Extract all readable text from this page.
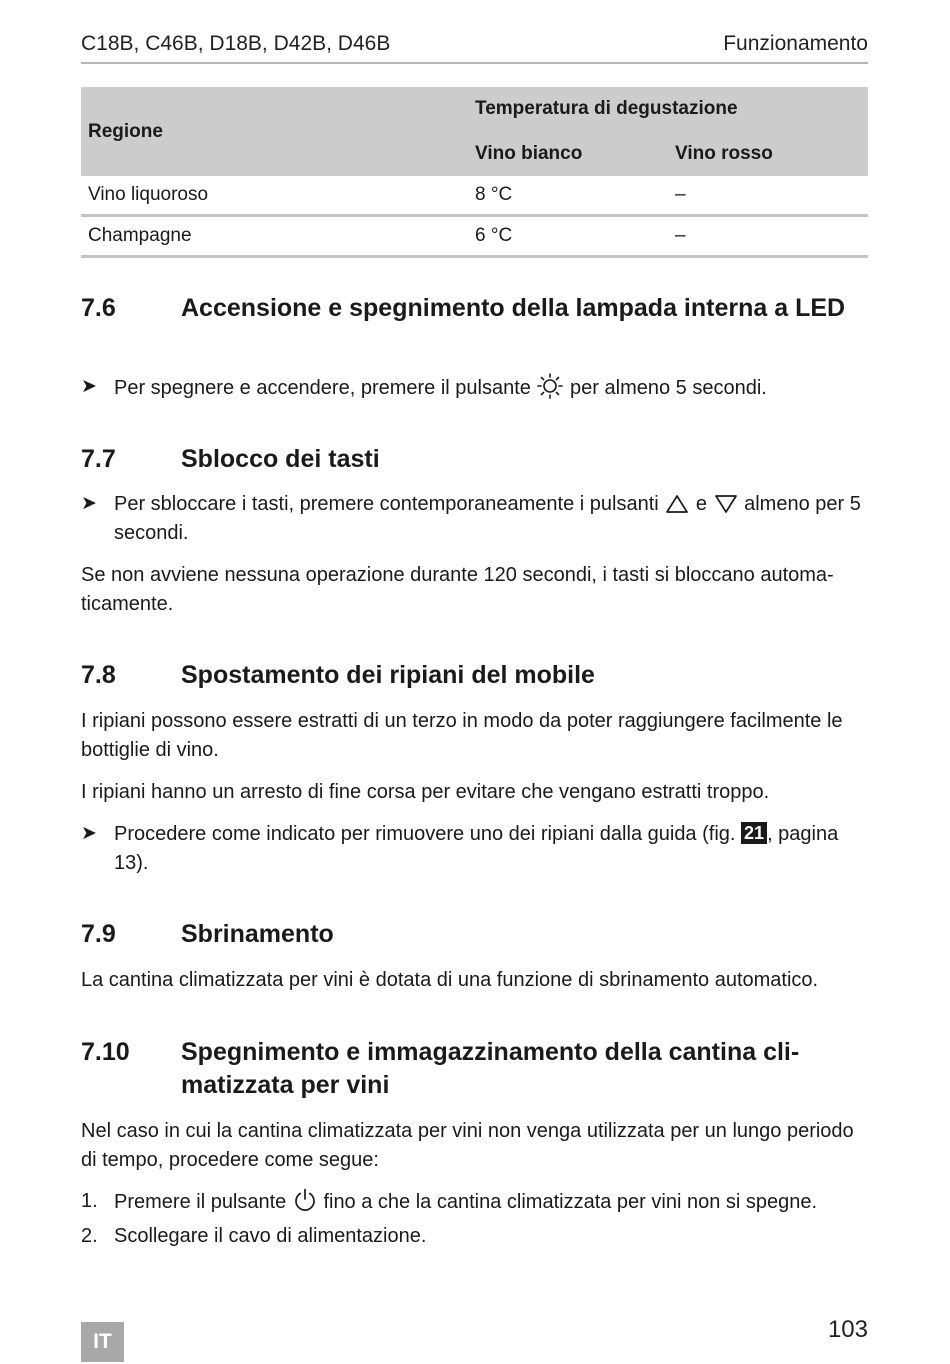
C18B, C46B, D18B, D42B, D46B	Funzionamento
Regione	Temperatura di degustazione	
	Vino bianco	Vino rosso
Vino liquoroso	8 °C	–
Champagne	6 °C	–
7.6	Accensione e spegnimento della lampada interna a LED
➤ Per spegnere e accendere, premere il pulsante per almeno 5 secondi.
7.7	Sblocco dei tasti
➤ Per sbloccare i tasti, premere contemporaneamente i pulsanti e almeno per 5 secondi.

Se non avviene nessuna operazione durante 120 secondi, i tasti si bloccano automa-ticamente.

7.8	Spostamento dei ripiani del mobile

I ripiani possono essere estratti di un terzo in modo da poter raggiungere facilmente le bottiglie di vino.

I ripiani hanno un arresto di fine corsa per evitare che vengano estratti troppo.

➤ Procedere come indicato per rimuovere uno dei ripiani dalla guida (fig. 21 , pagina 13).
7.9	Sbrinamento

La cantina climatizzata per vini è dotata di una funzione di sbrinamento automatico.

7.10 Spegnimento e immagazzinamento della cantina cli-matizzata per vini

Nel caso in cui la cantina climatizzata per vini non venga utilizzata per un lungo periodo di tempo, procedere come segue:

1. Premere il pulsante fino a che la cantina climatizzata per vini non si spegne.
2. Scollegare il cavo di alimentazione.
IT	103
